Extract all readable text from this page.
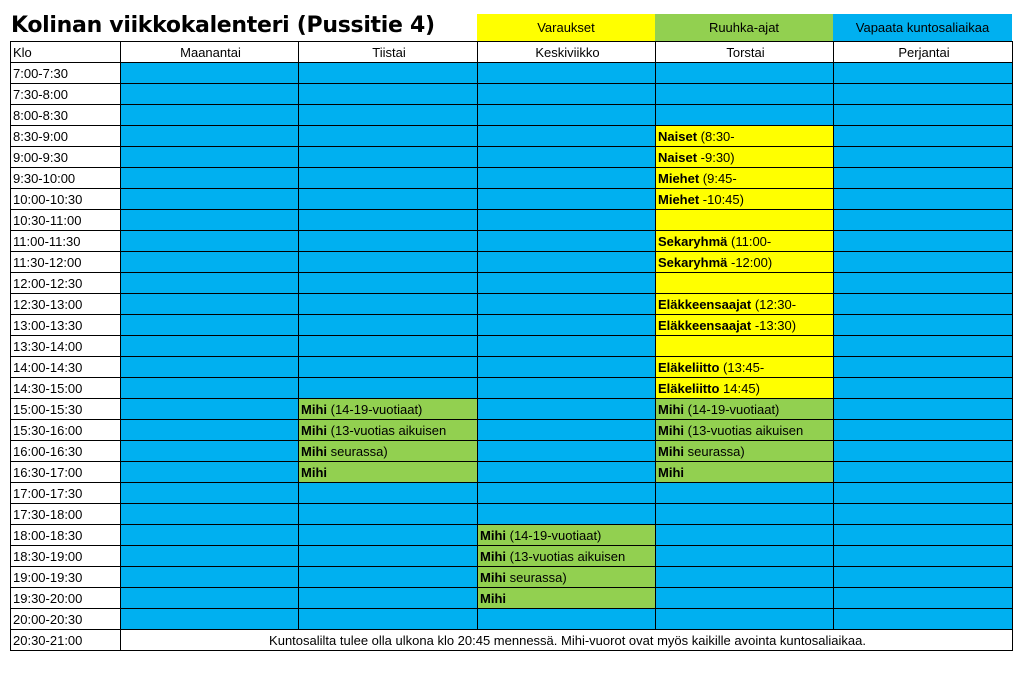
Kolinan viikkokalenteri (Pussitie 4)	Varaukset	Ruuhka-ajat	Vapaata kuntosaliaikaa
Klo	Maanantai	Tiistai	Keskiviikko	Torstai	Perjantai
7:00-7:30					
7:30-8:00					
8:00-8:30					
8:30-9:00				Naiset (8:30-	
9:00-9:30				Naiset -9:30)	
9:30-10:00				Miehet (9:45-	
10:00-10:30				Miehet -10:45)	
10:30-11:00					
11:00-11:30				Sekaryhmä (11:00-	
11:30-12:00				Sekaryhmä -12:00)	
12:00-12:30					
12:30-13:00				Eläkkeensaajat (12:30-	
13:00-13:30				Eläkkeensaajat -13:30)	
13:30-14:00					
14:00-14:30				Eläkeliitto (13:45-	
14:30-15:00				Eläkeliitto 14:45)	
15:00-15:30		Mihi (14-19-vuotiaat)		Mihi (14-19-vuotiaat)	
15:30-16:00		Mihi (13-vuotias aikuisen		Mihi (13-vuotias aikuisen	
16:00-16:30		Mihi seurassa)		Mihi seurassa)	
16:30-17:00		Mihi		Mihi	
17:00-17:30					
17:30-18:00					
18:00-18:30			Mihi (14-19-vuotiaat)		
18:30-19:00			Mihi (13-vuotias aikuisen		
19:00-19:30			Mihi seurassa)		
19:30-20:00			Mihi		
20:00-20:30					
20:30-21:00	Kuntosalilta tulee olla ulkona klo 20:45 mennessä. Mihi-vuorot ovat myös kaikille avointa kuntosaliaikaa.				
